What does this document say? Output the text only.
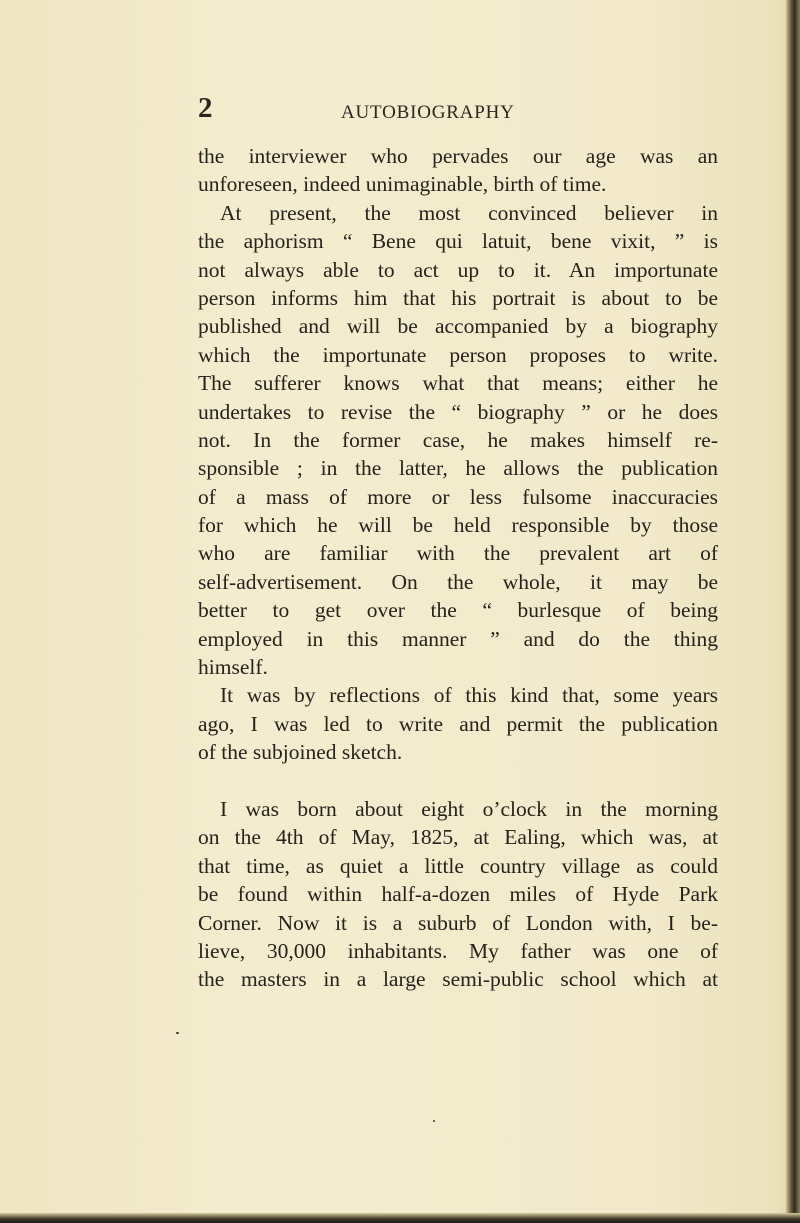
2	AUTOBIOGRAPHY
the interviewer who pervades our age was an
unforeseen, indeed unimaginable, birth of time.
At present, the most convinced believer in
the aphorism “ Bene qui latuit, bene vixit, ” is
not always able to act up to it. An importunate
person informs him that his portrait is about to be
published and will be accompanied by a biography
which the importunate person proposes to write.
The sufferer knows what that means; either he
undertakes to revise the “ biography ” or he does
not. In the former case, he makes himself re-
sponsible ; in the latter, he allows the publication
of a mass of more or less fulsome inaccuracies
for which he will be held responsible by those
who are familiar with the prevalent art of
self-advertisement. On the whole, it may be
better to get over the “ burlesque of being
employed in this manner ” and do the thing
himself.
It was by reflections of this kind that, some years
ago, I was led to write and permit the publication
of the subjoined sketch.
I was born about eight o’clock in the morning
on the 4th of May, 1825, at Ealing, which was, at
that time, as quiet a little country village as could
be found within half-a-dozen miles of Hyde Park
Corner. Now it is a suburb of London with, I be-
lieve, 30,000 inhabitants. My father was one of
the masters in a large semi-public school which at
